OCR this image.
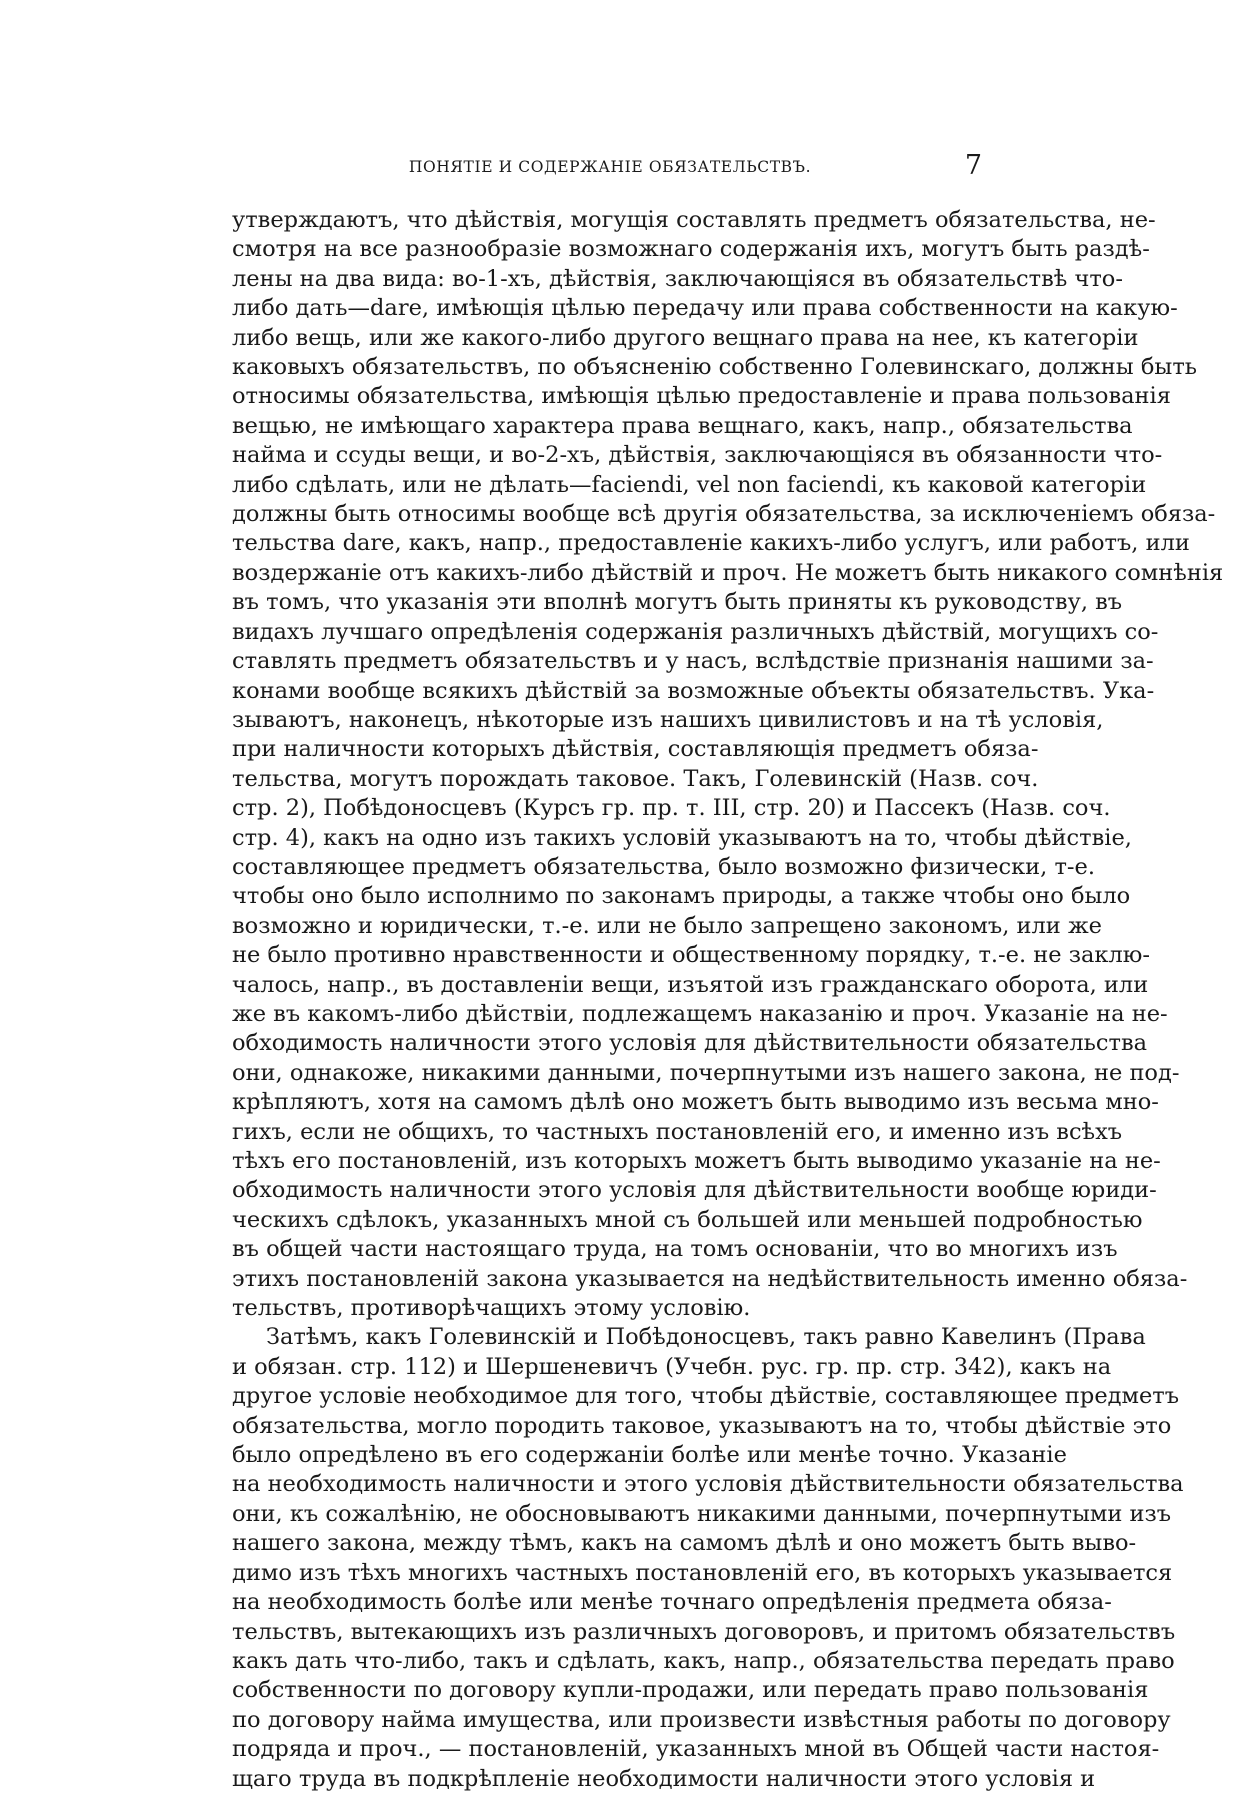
ПОНЯТІЕ И СОДЕРЖАНІЕ ОБЯЗАТЕЛЬСТВЪ.	7
утверждаютъ, что дѣйствія, могущія составлять предметъ обязательства, не-
смотря на все разнообразіе возможнаго содержанія ихъ, могутъ быть раздѣ-
лены на два вида: во-1-хъ, дѣйствія, заключающіяся въ обязательствѣ что-
либо дать—dare, имѣющія цѣлью передачу или права собственности на какую-
либо вещь, или же какого-либо другого вещнаго права на нее, къ категоріи
каковыхъ обязательствъ, по объясненію собственно Голевинскаго, должны быть
относимы обязательства, имѣющія цѣлью предоставленіе и права пользованія
вещью, не имѣющаго характера права вещнаго, какъ, напр., обязательства
найма и ссуды вещи, и во-2-хъ, дѣйствія, заключающіяся въ обязанности что-
либо сдѣлать, или не дѣлать—faciendi, vel non faciendi, къ каковой категоріи
должны быть относимы вообще всѣ другія обязательства, за исключеніемъ обяза-
тельства dare, какъ, напр., предоставленіе какихъ-либо услугъ, или работъ, или
воздержаніе отъ какихъ-либо дѣйствій и проч. Не можетъ быть никакого сомнѣнія
въ томъ, что указанія эти вполнѣ могутъ быть приняты къ руководству, въ
видахъ лучшаго опредѣленія содержанія различныхъ дѣйствій, могущихъ со-
ставлять предметъ обязательствъ и у насъ, вслѣдствіе признанія нашими за-
конами вообще всякихъ дѣйствій за возможные объекты обязательствъ. Ука-
зываютъ, наконецъ, нѣкоторые изъ нашихъ цивилистовъ и на тѣ условія,
при наличности которыхъ дѣйствія, составляющія предметъ обяза-
тельства, могутъ порождать таковое. Такъ, Голевинскій (Назв. соч.
стр. 2), Побѣдоносцевъ (Курсъ гр. пр. т. III, стр. 20) и Пассекъ (Назв. соч.
стр. 4), какъ на одно изъ такихъ условій указываютъ на то, чтобы дѣйствіе,
составляющее предметъ обязательства, было возможно физически, т-е.
чтобы оно было исполнимо по законамъ природы, а также чтобы оно было
возможно и юридически, т.-е. или не было запрещено закономъ, или же
не было противно нравственности и общественному порядку, т.-е. не заклю-
чалось, напр., въ доставленіи вещи, изъятой изъ гражданскаго оборота, или
же въ какомъ-либо дѣйствіи, подлежащемъ наказанію и проч. Указаніе на не-
обходимость наличности этого условія для дѣйствительности обязательства
они, однакоже, никакими данными, почерпнутыми изъ нашего закона, не под-
крѣпляютъ, хотя на самомъ дѣлѣ оно можетъ быть выводимо изъ весьма мно-
гихъ, если не общихъ, то частныхъ постановленій его, и именно изъ всѣхъ
тѣхъ его постановленій, изъ которыхъ можетъ быть выводимо указаніе на не-
обходимость наличности этого условія для дѣйствительности вообще юриди-
ческихъ сдѣлокъ, указанныхъ мной съ большей или меньшей подробностью
въ общей части настоящаго труда, на томъ основаніи, что во многихъ изъ
этихъ постановленій закона указывается на недѣйствительность именно обяза-
тельствъ, противорѣчащихъ этому условію.
Затѣмъ, какъ Голевинскій и Побѣдоносцевъ, такъ равно Кавелинъ (Права
и обязан. стр. 112) и Шершеневичъ (Учебн. рус. гр. пр. стр. 342), какъ на
другое условіе необходимое для того, чтобы дѣйствіе, составляющее предметъ
обязательства, могло породить таковое, указываютъ на то, чтобы дѣйствіе это
было опредѣлено въ его содержаніи болѣе или менѣе точно. Указаніе
на необходимость наличности и этого условія дѣйствительности обязательства
они, къ сожалѣнію, не обосновываютъ никакими данными, почерпнутыми изъ
нашего закона, между тѣмъ, какъ на самомъ дѣлѣ и оно можетъ быть выво-
димо изъ тѣхъ многихъ частныхъ постановленій его, въ которыхъ указывается
на необходимость болѣе или менѣе точнаго опредѣленія предмета обяза-
тельствъ, вытекающихъ изъ различныхъ договоровъ, и притомъ обязательствъ
какъ дать что-либо, такъ и сдѣлать, какъ, напр., обязательства передать право
собственности по договору купли-продажи, или передать право пользованія
по договору найма имущества, или произвести извѣстныя работы по договору
подряда и проч., — постановленій, указанныхъ мной въ Общей части настоя-
щаго труда въ подкрѣпленіе необходимости наличности этого условія и
